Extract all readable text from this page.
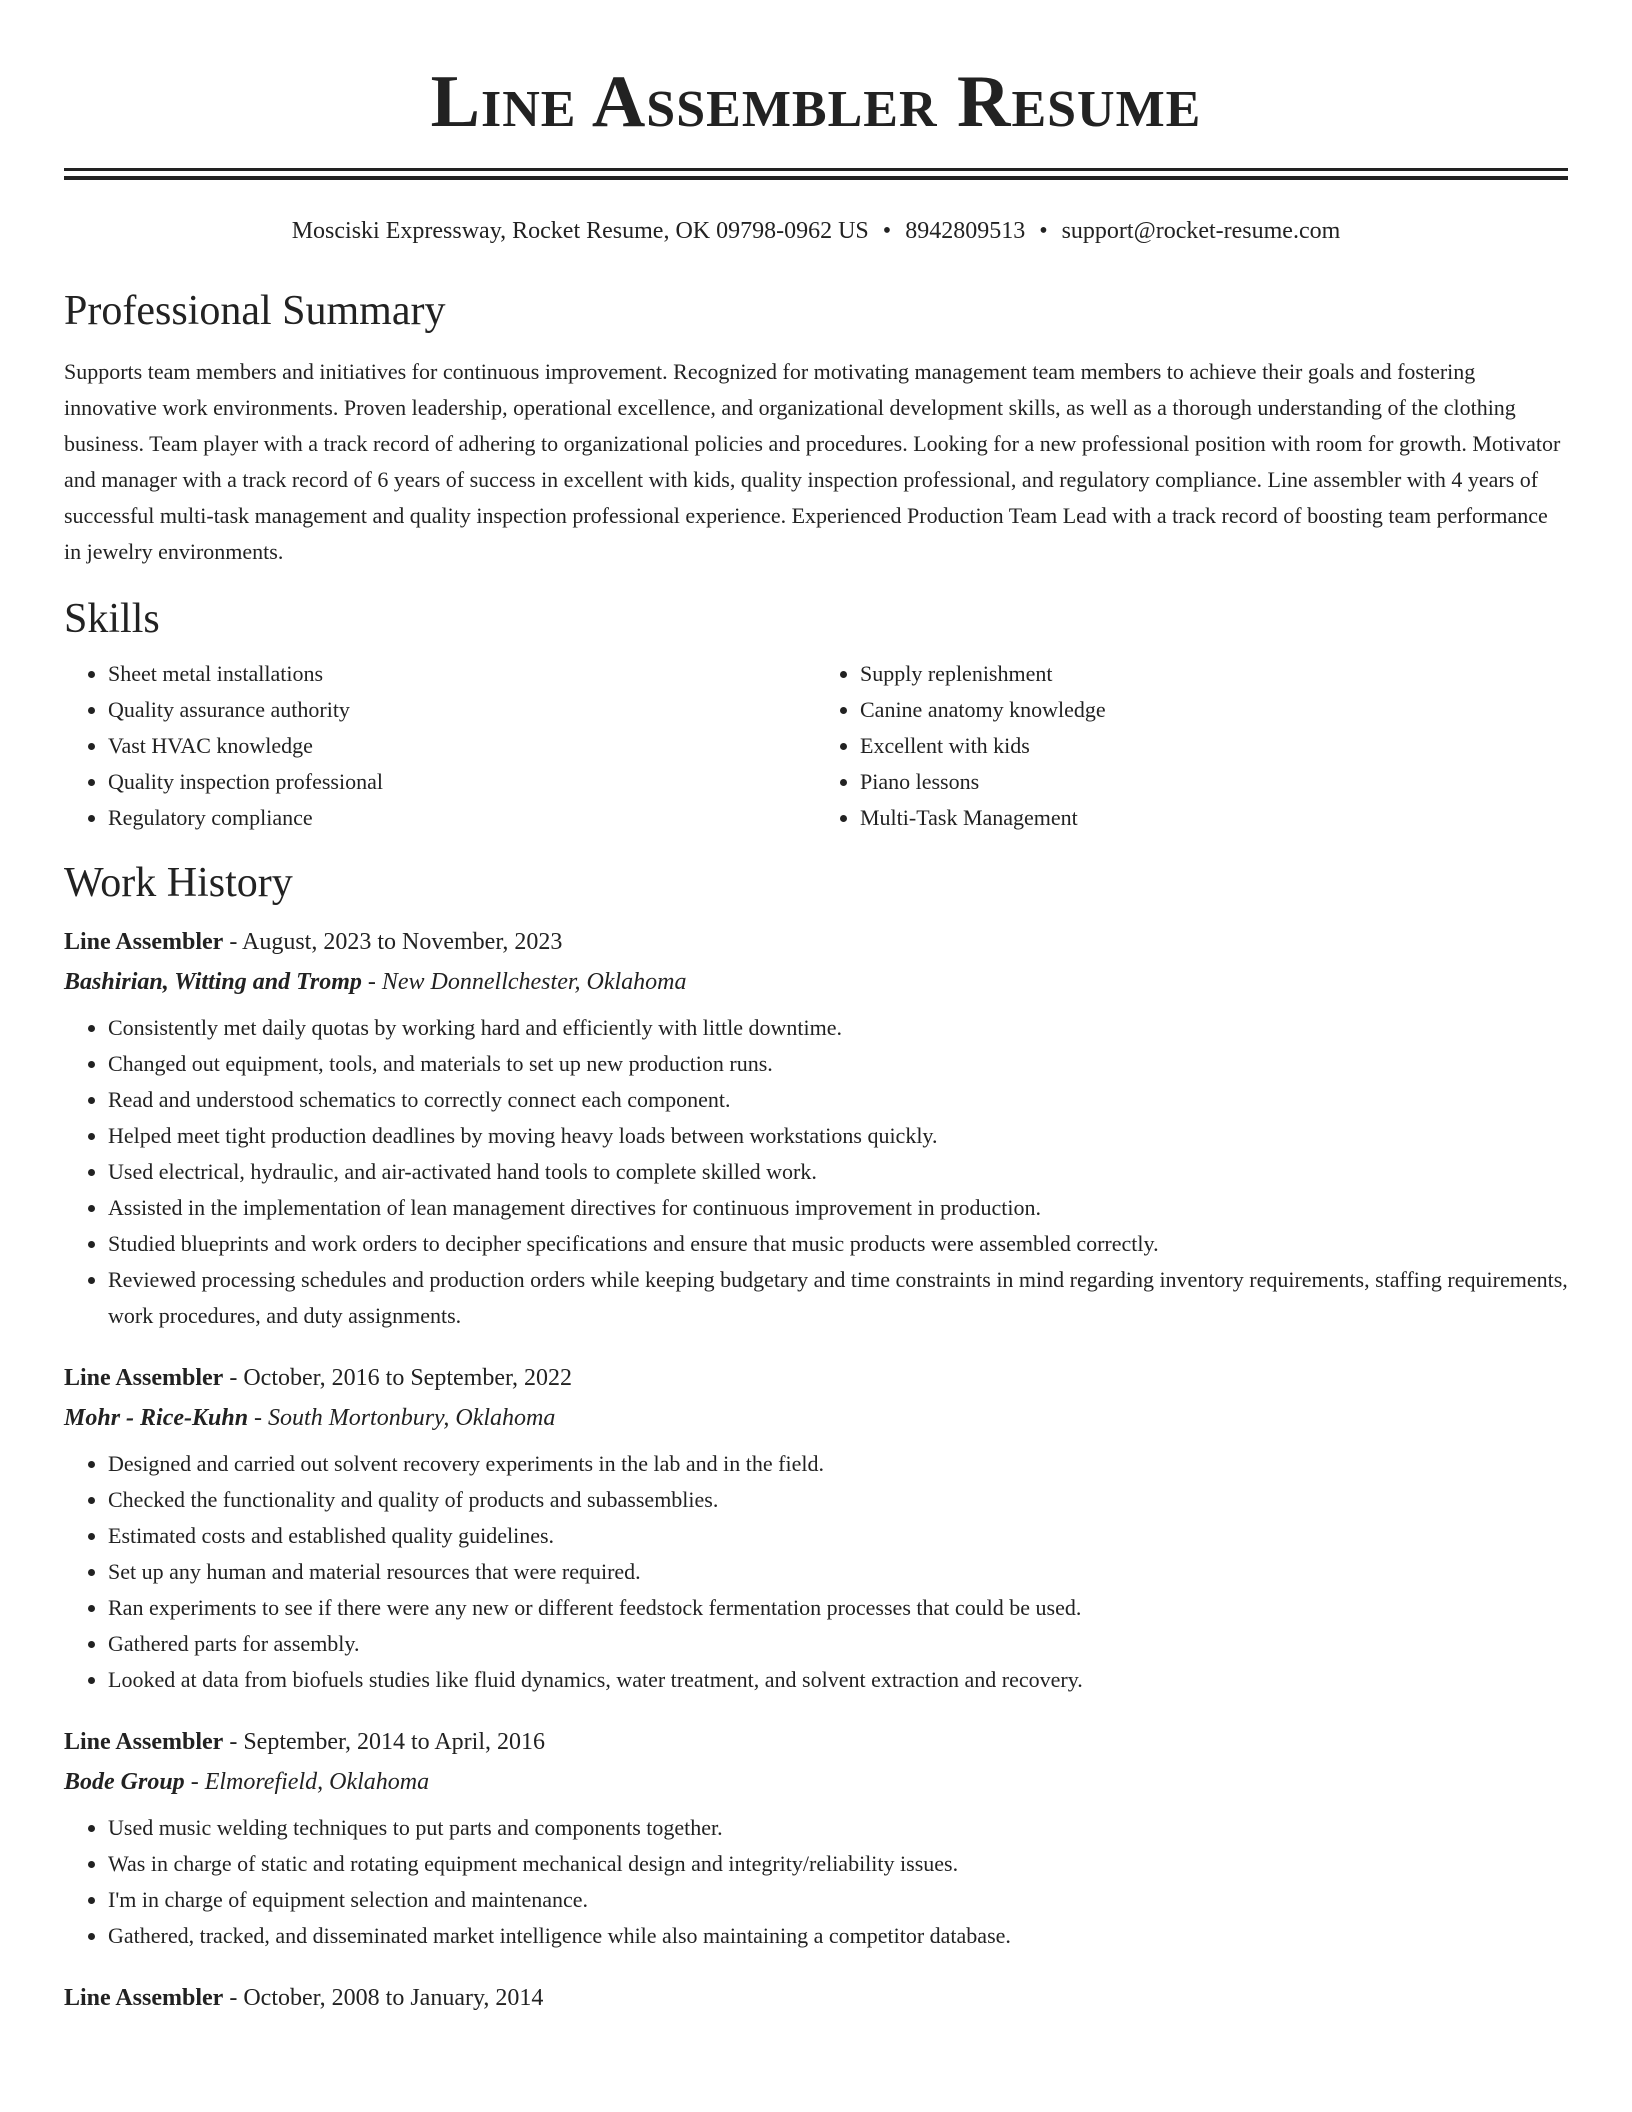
Line Assembler Resume
Mosciski Expressway, Rocket Resume, OK 09798-0962 US • 8942809513 • support@rocket-resume.com
Professional Summary

Supports team members and initiatives for continuous improvement. Recognized for motivating management team members to achieve their goals and fostering innovative work environments. Proven leadership, operational excellence, and organizational development skills, as well as a thorough understanding of the clothing business. Team player with a track record of adhering to organizational policies and procedures. Looking for a new professional position with room for growth. Motivator and manager with a track record of 6 years of success in excellent with kids, quality inspection professional, and regulatory compliance. Line assembler with 4 years of successful multi-task management and quality inspection professional experience. Experienced Production Team Lead with a track record of boosting team performance in jewelry environments.

Skills
• Sheet metal installations
• Quality assurance authority
• Vast HVAC knowledge
• Quality inspection professional
• Regulatory compliance
• Supply replenishment
• Canine anatomy knowledge
• Excellent with kids
• Piano lessons
• Multi-Task Management
Work History
Line Assembler - August, 2023 to November, 2023
Bashirian, Witting and Tromp - New Donnellchester, Oklahoma
• Consistently met daily quotas by working hard and efficiently with little downtime.
• Changed out equipment, tools, and materials to set up new production runs.
• Read and understood schematics to correctly connect each component.
• Helped meet tight production deadlines by moving heavy loads between workstations quickly.
• Used electrical, hydraulic, and air-activated hand tools to complete skilled work.
• Assisted in the implementation of lean management directives for continuous improvement in production.
• Studied blueprints and work orders to decipher specifications and ensure that music products were assembled correctly.
• Reviewed processing schedules and production orders while keeping budgetary and time constraints in mind regarding inventory requirements, staffing requirements, work procedures, and duty assignments.
Line Assembler - October, 2016 to September, 2022
Mohr - Rice-Kuhn - South Mortonbury, Oklahoma
• Designed and carried out solvent recovery experiments in the lab and in the field.
• Checked the functionality and quality of products and subassemblies.
• Estimated costs and established quality guidelines.
• Set up any human and material resources that were required.
• Ran experiments to see if there were any new or different feedstock fermentation processes that could be used.
• Gathered parts for assembly.
• Looked at data from biofuels studies like fluid dynamics, water treatment, and solvent extraction and recovery.
Line Assembler - September, 2014 to April, 2016
Bode Group - Elmorefield, Oklahoma
• Used music welding techniques to put parts and components together.
• Was in charge of static and rotating equipment mechanical design and integrity/reliability issues.
• I'm in charge of equipment selection and maintenance.
• Gathered, tracked, and disseminated market intelligence while also maintaining a competitor database.
Line Assembler - October, 2008 to January, 2014
